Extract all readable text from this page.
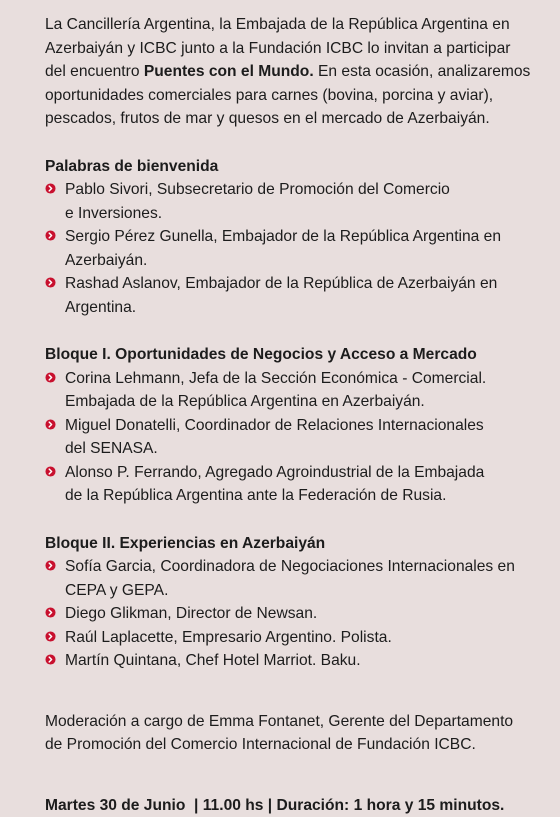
La Cancillería Argentina, la Embajada de la República Argentina en
Azerbaiyán y ICBC junto a la Fundación ICBC lo invitan a participar
del encuentro Puentes con el Mundo. En esta ocasión, analizaremos
oportunidades comerciales para carnes (bovina, porcina y aviar),
pescados, frutos de mar y quesos en el mercado de Azerbaiyán.

Palabras de bienvenida

Pablo Sivori, Subsecretario de Promoción del Comercio
e Inversiones.
Sergio Pérez Gunella, Embajador de la República Argentina en
Azerbaiyán.
Rashad Aslanov, Embajador de la República de Azerbaiyán en
Argentina.

Bloque I. Oportunidades de Negocios y Acceso a Mercado

Corina Lehmann, Jefa de la Sección Económica - Comercial.
Embajada de la República Argentina en Azerbaiyán.
Miguel Donatelli, Coordinador de Relaciones Internacionales
del SENASA.
Alonso P. Ferrando, Agregado Agroindustrial de la Embajada
de la República Argentina ante la Federación de Rusia.

Bloque II. Experiencias en Azerbaiyán

Sofía Garcia, Coordinadora de Negociaciones Internacionales en
CEPA y GEPA.
Diego Glikman, Director de Newsan.
Raúl Laplacette, Empresario Argentino. Polista.
Martín Quintana, Chef Hotel Marriot. Baku.
Moderación a cargo de Emma Fontanet, Gerente del Departamento
de Promoción del Comercio Internacional de Fundación ICBC.
Martes 30 de Junio  | 11.00 hs | Duración: 1 hora y 15 minutos.
